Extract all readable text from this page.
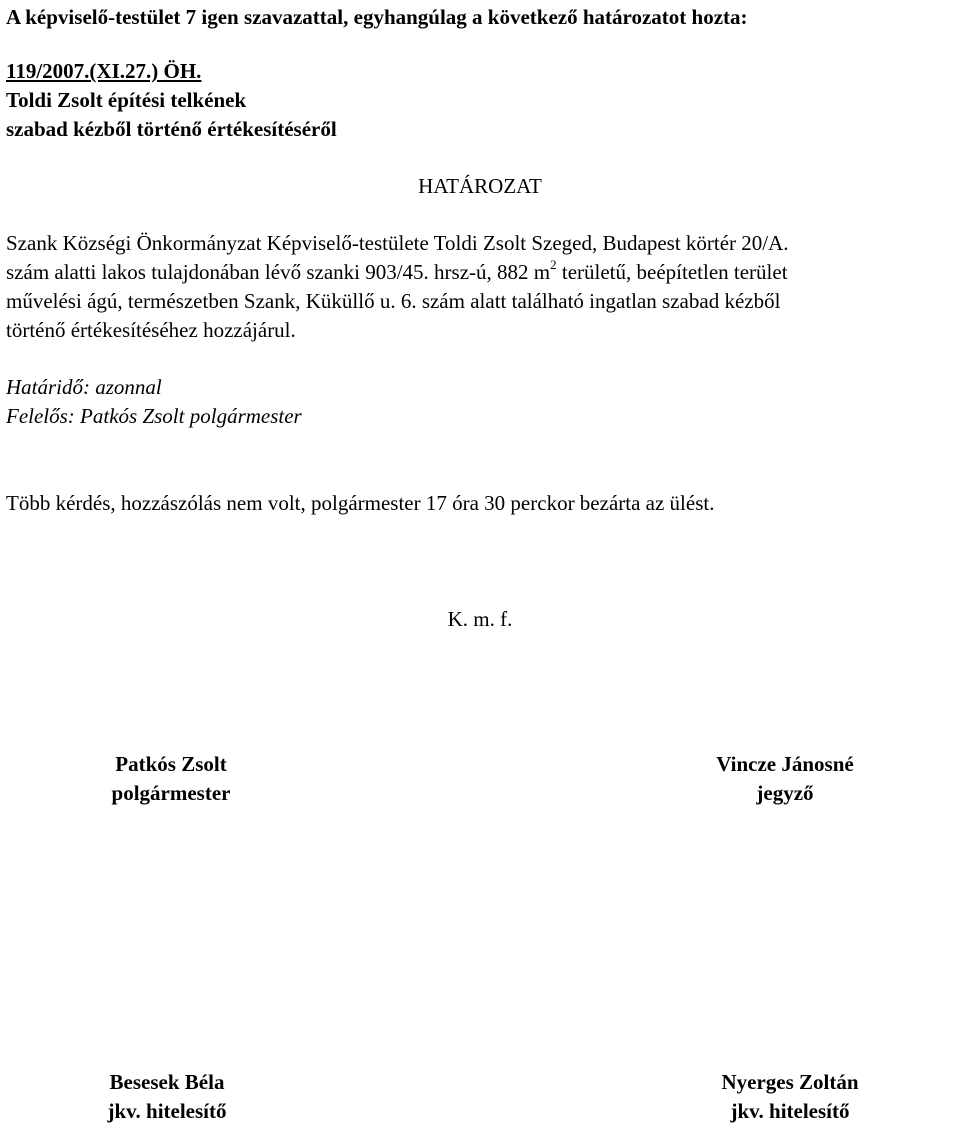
A képviselő-testület 7 igen szavazattal, egyhangúlag a következő határozatot hozta:
119/2007.(XI.27.) ÖH.
Toldi Zsolt építési telkének
szabad kézből történő értékesítéséről
HATÁROZAT
Szank Községi Önkormányzat Képviselő-testülete Toldi Zsolt Szeged, Budapest körtér 20/A.
szám alatti lakos tulajdonában lévő szanki 903/45. hrsz-ú, 882 $m^2$ területű, beépítetlen terület
művelési ágú, természetben Szank, Küküllő u. 6. szám alatt található ingatlan szabad kézből
történő értékesítéséhez hozzájárul.
Határidő: azonnal
Felelős: Patkós Zsolt polgármester
Több kérdés, hozzászólás nem volt, polgármester 17 óra 30 perckor bezárta az ülést.
K. m. f.
Patkós Zsolt
polgármester
Vincze Jánosné
jegyző
Besesek Béla
jkv. hitelesítő
Nyerges Zoltán
jkv. hitelesítő
